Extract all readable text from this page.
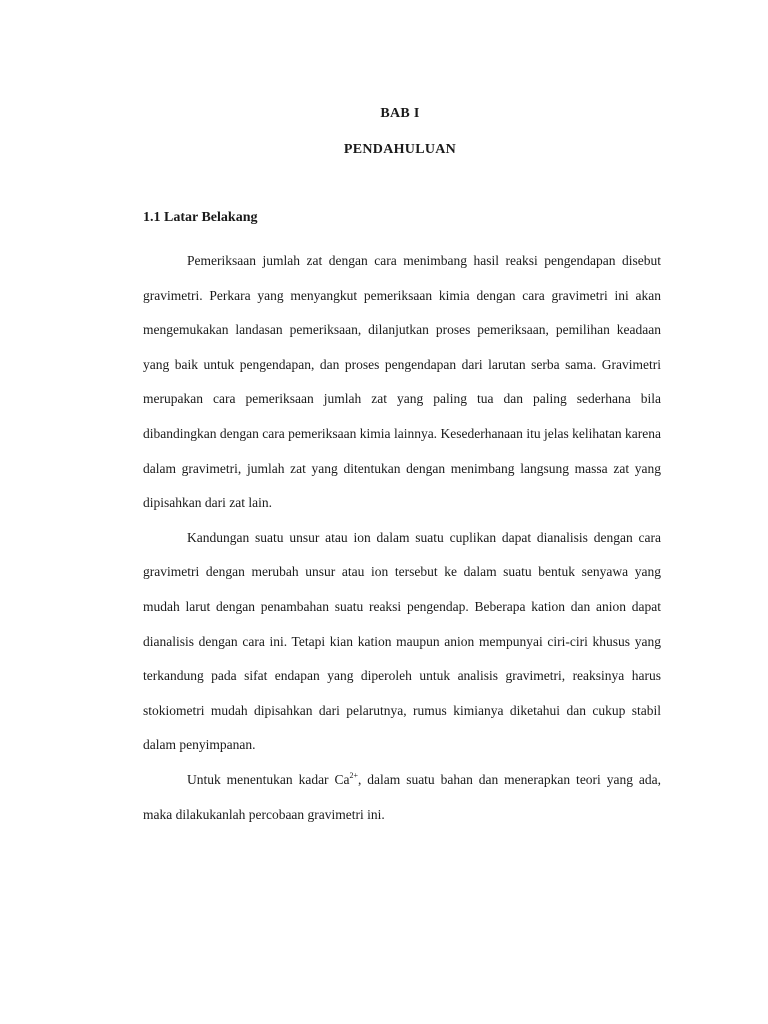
BAB I
PENDAHULUAN
1.1 Latar Belakang

Pemeriksaan jumlah zat dengan cara menimbang hasil reaksi pengendapan disebut gravimetri. Perkara yang menyangkut pemeriksaan kimia dengan cara gravimetri ini akan mengemukakan landasan pemeriksaan, dilanjutkan proses pemeriksaan, pemilihan keadaan yang baik untuk pengendapan, dan proses pengendapan dari larutan serba sama. Gravimetri merupakan cara pemeriksaan jumlah zat yang paling tua dan paling sederhana bila dibandingkan dengan cara pemeriksaan kimia lainnya. Kesederhanaan itu jelas kelihatan karena dalam gravimetri, jumlah zat yang ditentukan dengan menimbang langsung massa zat yang dipisahkan dari zat lain.

Kandungan suatu unsur atau ion dalam suatu cuplikan dapat dianalisis dengan cara gravimetri dengan merubah unsur atau ion tersebut ke dalam suatu bentuk senyawa yang mudah larut dengan penambahan suatu reaksi pengendap. Beberapa kation dan anion dapat dianalisis dengan cara ini. Tetapi kian kation maupun anion mempunyai ciri-ciri khusus yang terkandung pada sifat endapan yang diperoleh untuk analisis gravimetri, reaksinya harus stokiometri mudah dipisahkan dari pelarutnya, rumus kimianya diketahui dan cukup stabil dalam penyimpanan.

Untuk menentukan kadar $Ca^{2+}$, dalam suatu bahan dan menerapkan teori yang ada, maka dilakukanlah percobaan gravimetri ini.
